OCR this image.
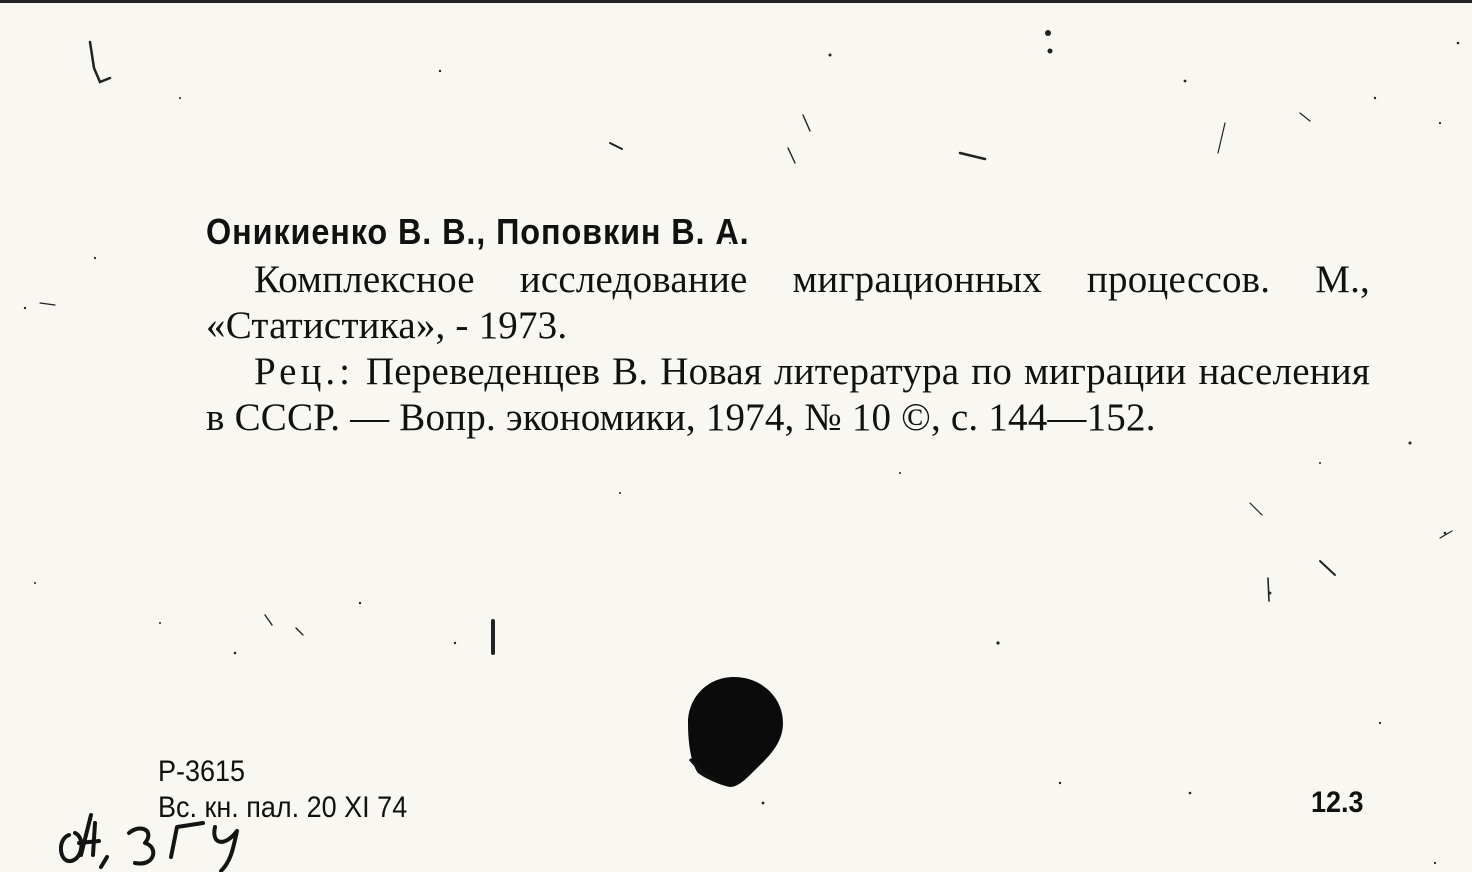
Оникиенко В. В., Поповкин В. А.

Комплексное исследование миграционных процессов. М., «Статистика», - 1973.

Рец.: Переведенцев В. Новая литература по миграции населения в СССР. — Вопр. экономики, 1974, № 10 ©, с. 144—152.

Р-3615
Вс. кн. пал. 20 XI 74	12.3
